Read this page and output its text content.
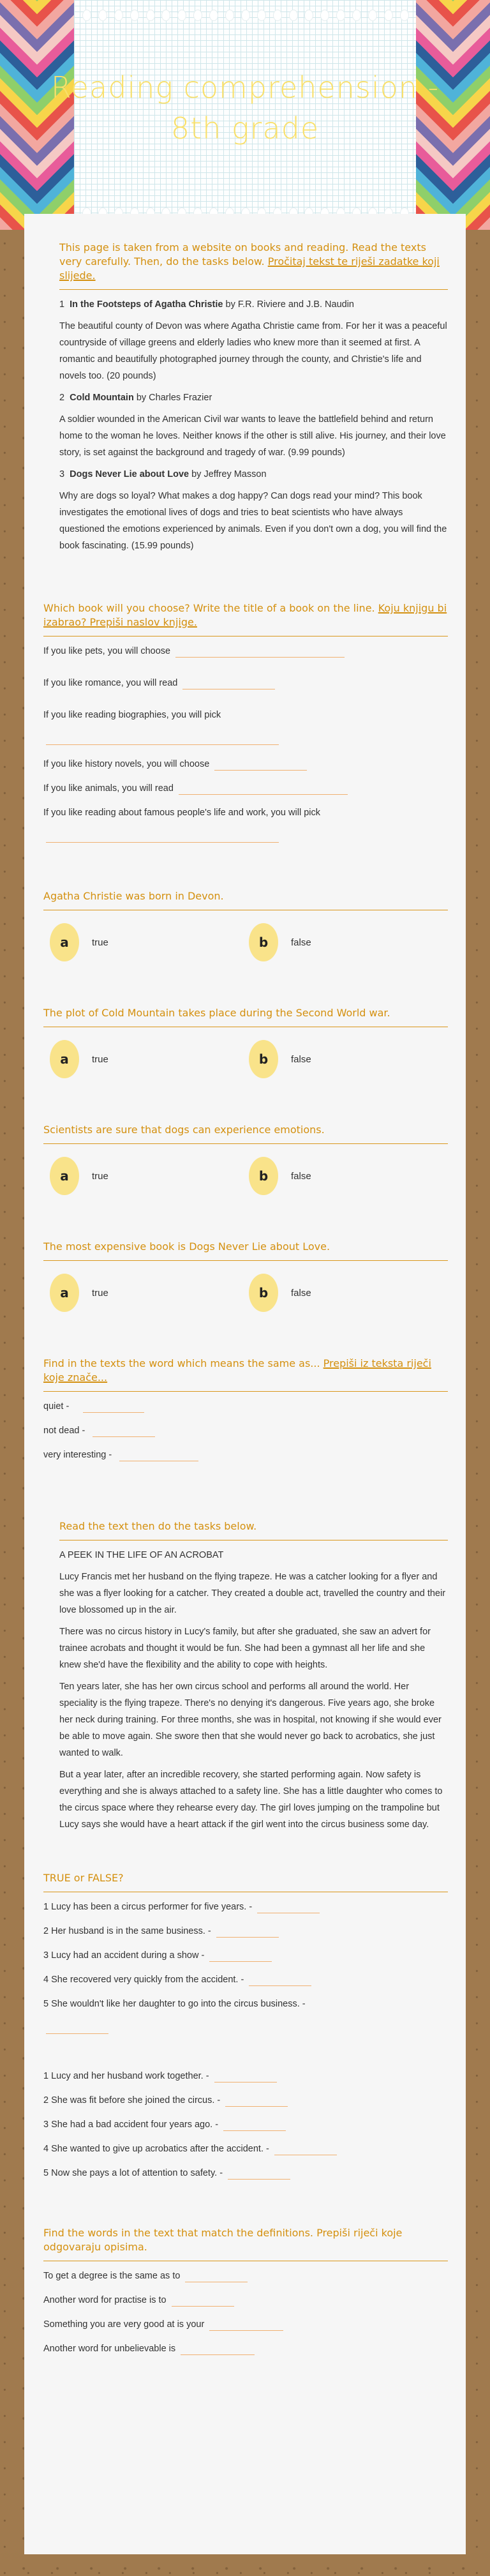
Reading comprehension - 8th grade
This page is taken from a website on books and reading. Read the texts very carefully. Then, do the tasks below. Pročitaj tekst te riješi zadatke koji slijede.

1 In the Footsteps of Agatha Christie by F.R. Riviere and J.B. Naudin

The beautiful county of Devon was where Agatha Christie came from. For her it was a peaceful countryside of village greens and elderly ladies who knew more than it seemed at first. A romantic and beautifully photographed journey through the county, and Christie's life and novels too. (20 pounds)

2 Cold Mountain by Charles Frazier

A soldier wounded in the American Civil war wants to leave the battlefield behind and return home to the woman he loves. Neither knows if the other is still alive. His journey, and their love story, is set against the background and tragedy of war. (9.99 pounds)

3 Dogs Never Lie about Love by Jeffrey Masson

Why are dogs so loyal? What makes a dog happy? Can dogs read your mind? This book investigates the emotional lives of dogs and tries to beat scientists who have always questioned the emotions experienced by animals. Even if you don't own a dog, you will find the book fascinating. (15.99 pounds)

Which book will you choose? Write the title of a book on the line. Koju knjigu bi izabrao? Prepiši naslov knjige.
If you like pets, you will choose
If you like romance, you will read
If you like reading biographies, you will pick

If you like history novels, you will choose
If you like animals, you will read
If you like reading about famous people's life and work, you will pick

Agatha Christie was born in Devon.
a	true	b	false
The plot of Cold Mountain takes place during the Second World war.
a	true	b	false
Scientists are sure that dogs can experience emotions.
a	true	b	false
The most expensive book is Dogs Never Lie about Love.
a	true	b	false
Find in the texts the word which means the same as... Prepiši iz teksta riječi koje znače...
quiet -
not dead -
very interesting -
Read the text then do the tasks below.

A PEEK IN THE LIFE OF AN ACROBAT

Lucy Francis met her husband on the flying trapeze. He was a catcher looking for a flyer and she was a flyer looking for a catcher. They created a double act, travelled the country and their love blossomed up in the air.

There was no circus history in Lucy's family, but after she graduated, she saw an advert for trainee acrobats and thought it would be fun. She had been a gymnast all her life and she knew she'd have the flexibility and the ability to cope with heights.

Ten years later, she has her own circus school and performs all around the world. Her speciality is the flying trapeze. There's no denying it's dangerous. Five years ago, she broke her neck during training. For three months, she was in hospital, not knowing if she would ever be able to move again. She swore then that she would never go back to acrobatics, she just wanted to walk.

But a year later, after an incredible recovery, she started performing again. Now safety is everything and she is always attached to a safety line. She has a little daughter who comes to the circus space where they rehearse every day. The girl loves jumping on the trampoline but Lucy says she would have a heart attack if the girl went into the circus business some day.

TRUE or FALSE?
1 Lucy has been a circus performer for five years. -
2 Her husband is in the same business. -
3 Lucy had an accident during a show -
4 She recovered very quickly from the accident. -
5 She wouldn't like her daughter to go into the circus business. -

1 Lucy and her husband work together. -
2 She was fit before she joined the circus. -
3 She had a bad accident four years ago. -
4 She wanted to give up acrobatics after the accident. -
5 Now she pays a lot of attention to safety. -
Find the words in the text that match the definitions. Prepiši riječi koje odgovaraju opisima.
To get a degree is the same as to
Another word for practise is to
Something you are very good at is your
Another word for unbelievable is
